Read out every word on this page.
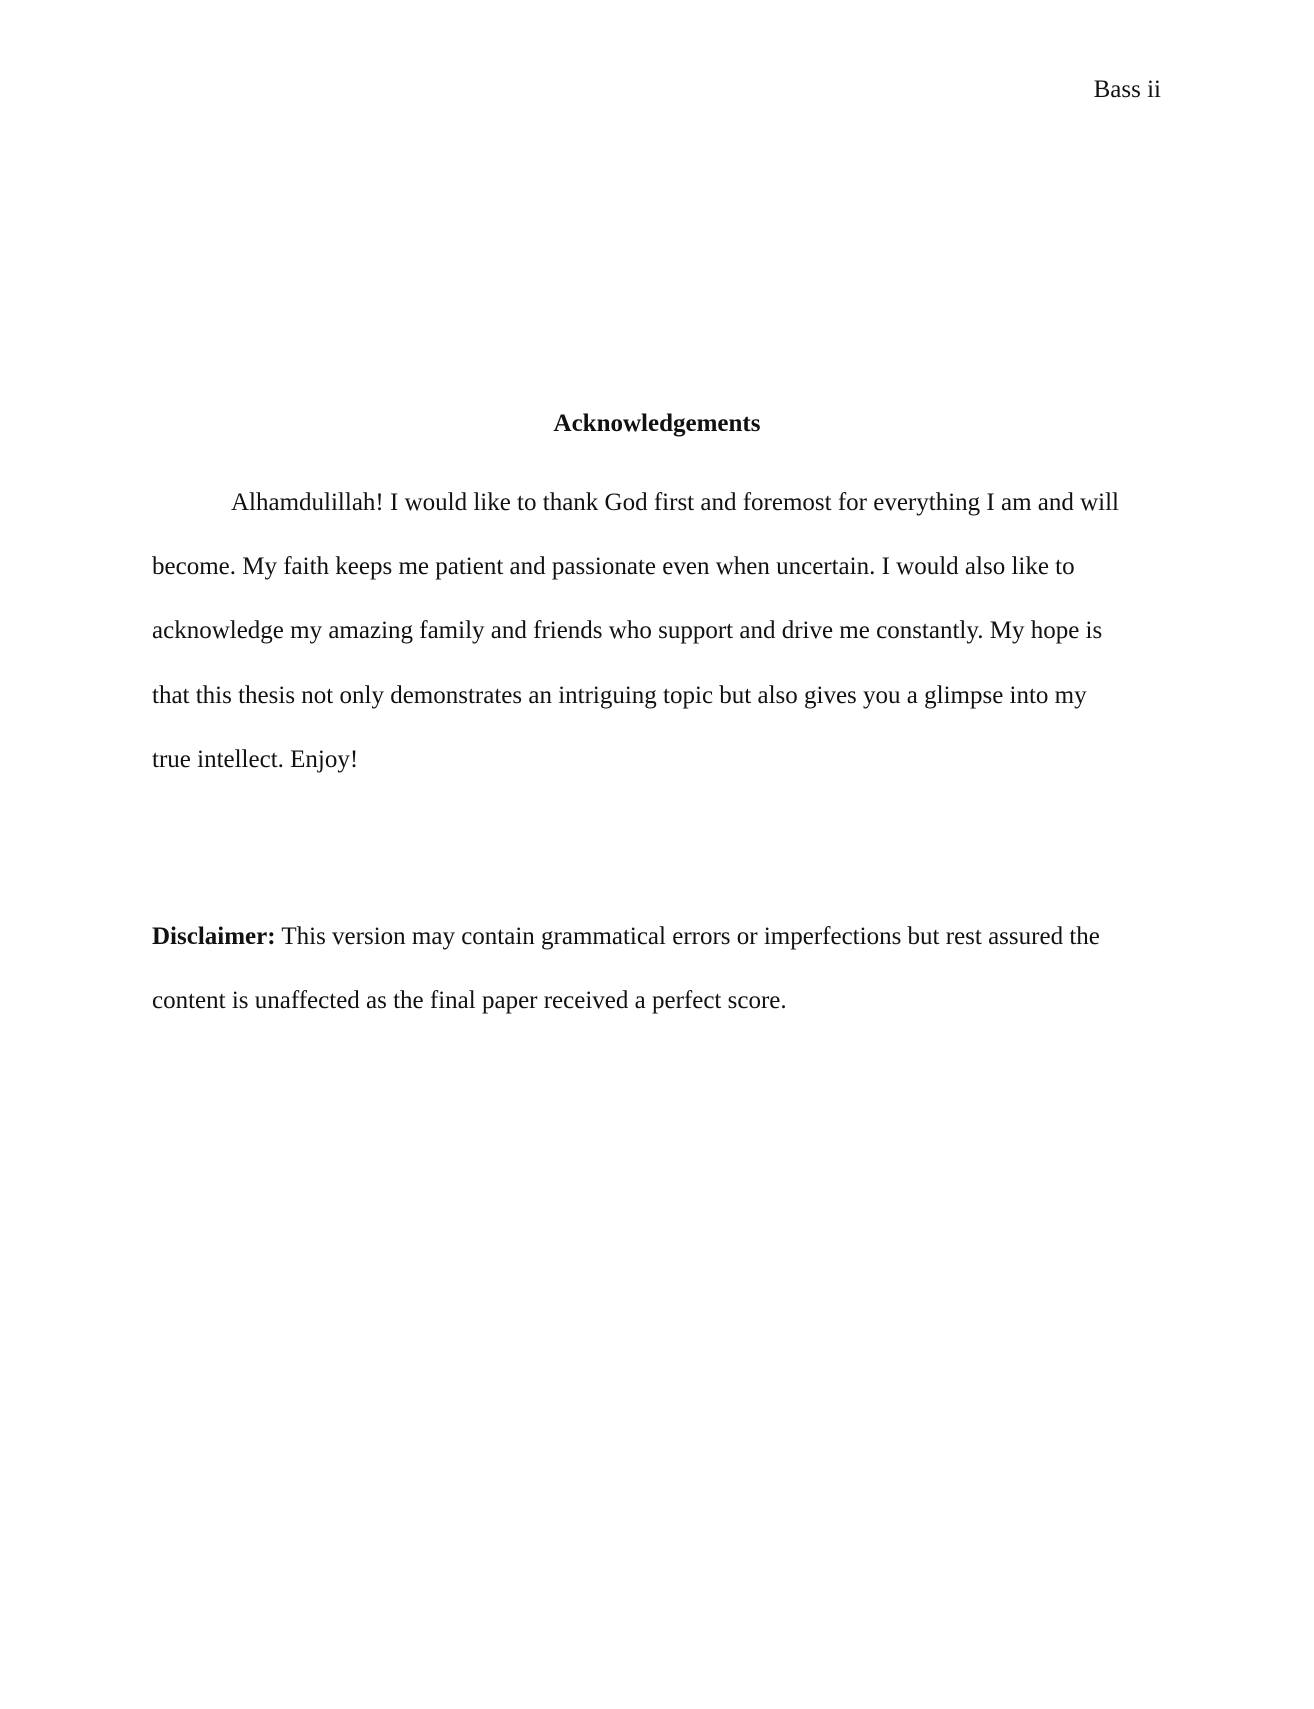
Bass ii
Acknowledgements

Alhamdulillah! I would like to thank God first and foremost for everything I am and will
become. My faith keeps me patient and passionate even when uncertain. I would also like to
acknowledge my amazing family and friends who support and drive me constantly. My hope is
that this thesis not only demonstrates an intriguing topic but also gives you a glimpse into my
true intellect. Enjoy!

Disclaimer: This version may contain grammatical errors or imperfections but rest assured the
content is unaffected as the final paper received a perfect score.
